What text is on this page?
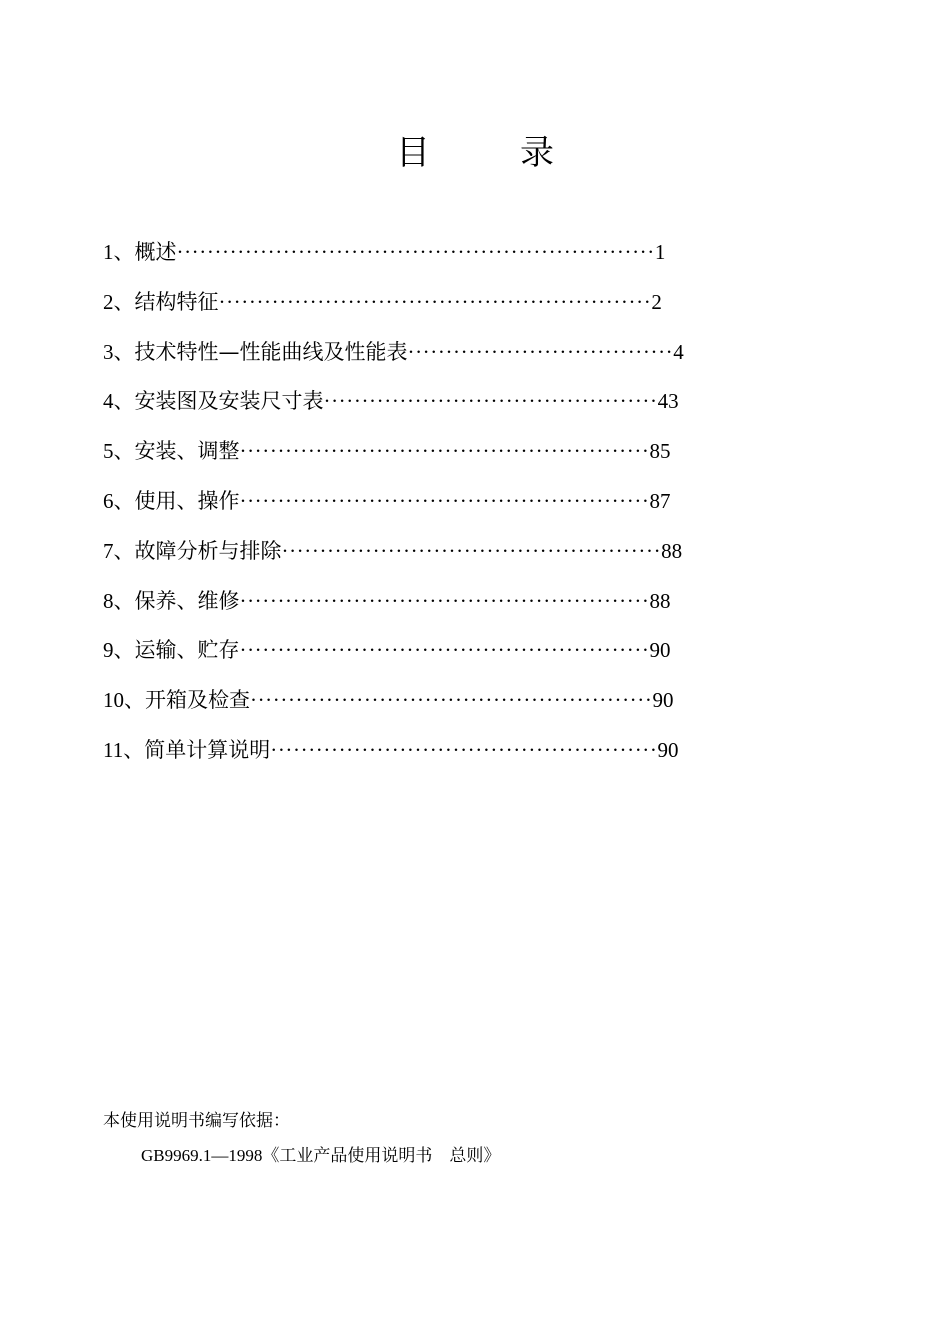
目　录
1、概述·······························································1
2、结构特征·························································2
3、技术特性—性能曲线及性能表···································4
4、安装图及安装尺寸表············································43
5、安装、调整······················································85
6、使用、操作······················································87
7、故障分析与排除··················································88
8、保养、维修······················································88
9、运输、贮存······················································90
10、开箱及检查·····················································90
11、简单计算说明···················································90
本使用说明书编写依据：
GB9969.1—1998《工业产品使用说明书　总则》
